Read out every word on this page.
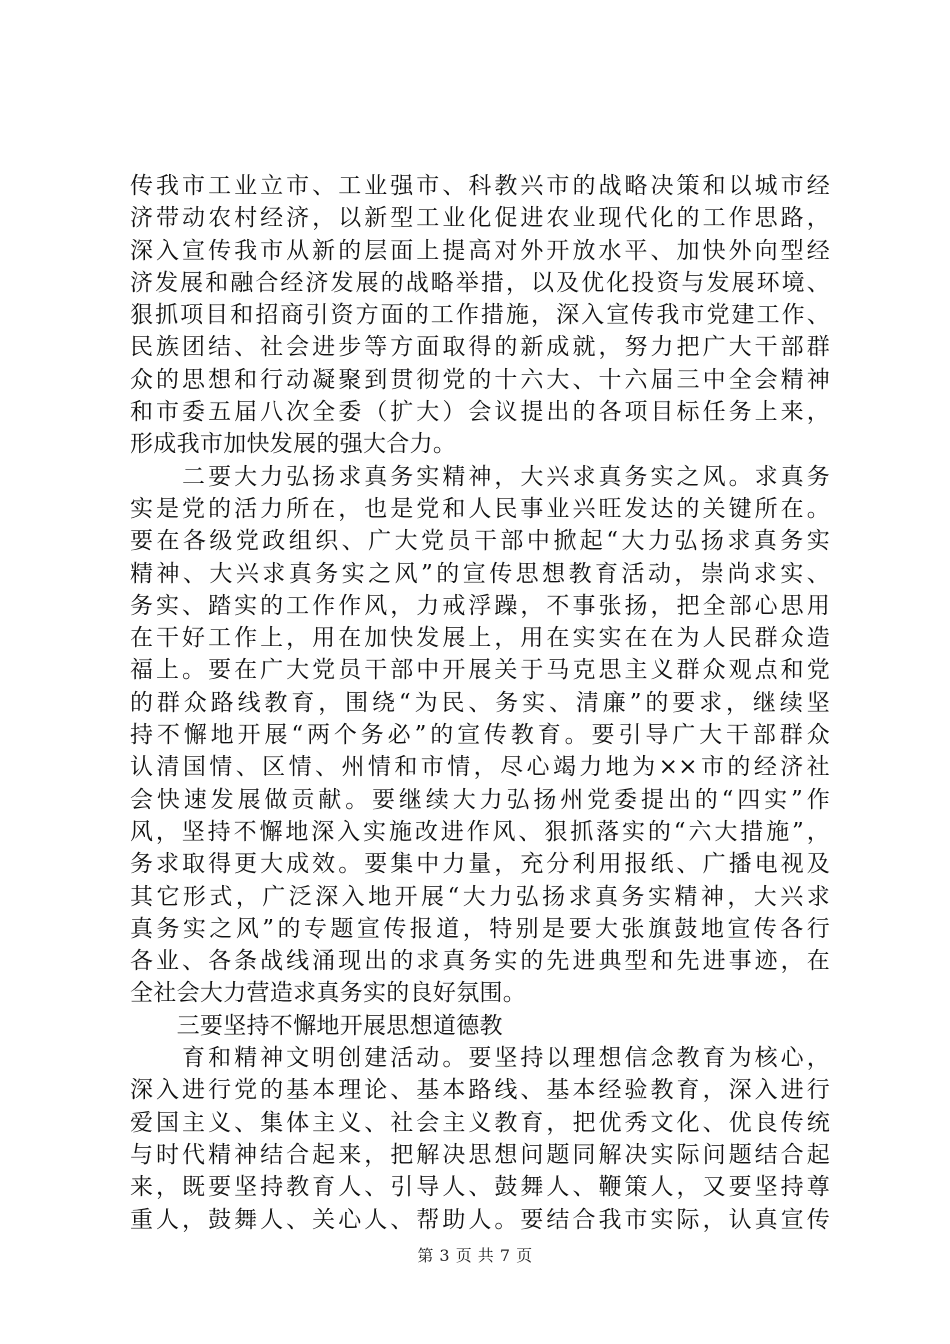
传我市工业立市、工业强市、科教兴市的战略决策和以城市经
济带动农村经济，以新型工业化促进农业现代化的工作思路，
深入宣传我市从新的层面上提高对外开放水平、加快外向型经
济发展和融合经济发展的战略举措，以及优化投资与发展环境、
狠抓项目和招商引资方面的工作措施，深入宣传我市党建工作、
民族团结、社会进步等方面取得的新成就，努力把广大干部群
众的思想和行动凝聚到贯彻党的十六大、十六届三中全会精神
和市委五届八次全委（扩大）会议提出的各项目标任务上来，
形成我市加快发展的强大合力。
　　二要大力弘扬求真务实精神，大兴求真务实之风。求真务
实是党的活力所在，也是党和人民事业兴旺发达的关键所在。
要在各级党政组织、广大党员干部中掀起“大力弘扬求真务实
精神、大兴求真务实之风”的宣传思想教育活动，崇尚求实、
务实、踏实的工作作风，力戒浮躁，不事张扬，把全部心思用
在干好工作上，用在加快发展上，用在实实在在为人民群众造
福上。要在广大党员干部中开展关于马克思主义群众观点和党
的群众路线教育，围绕“为民、务实、清廉”的要求，继续坚
持不懈地开展“两个务必”的宣传教育。要引导广大干部群众
认清国情、区情、州情和市情，尽心竭力地为××市的经济社
会快速发展做贡献。要继续大力弘扬州党委提出的“四实”作
风，坚持不懈地深入实施改进作风、狠抓落实的“六大措施”，
务求取得更大成效。要集中力量，充分利用报纸、广播电视及
其它形式，广泛深入地开展“大力弘扬求真务实精神，大兴求
真务实之风”的专题宣传报道，特别是要大张旗鼓地宣传各行
各业、各条战线涌现出的求真务实的先进典型和先进事迹，在
全社会大力营造求真务实的良好氛围。
　　三要坚持不懈地开展思想道德教
　　育和精神文明创建活动。要坚持以理想信念教育为核心，
深入进行党的基本理论、基本路线、基本经验教育，深入进行
爱国主义、集体主义、社会主义教育，把优秀文化、优良传统
与时代精神结合起来，把解决思想问题同解决实际问题结合起
来，既要坚持教育人、引导人、鼓舞人、鞭策人，又要坚持尊
重人，鼓舞人、关心人、帮助人。要结合我市实际，认真宣传
第 3 页 共 7 页
